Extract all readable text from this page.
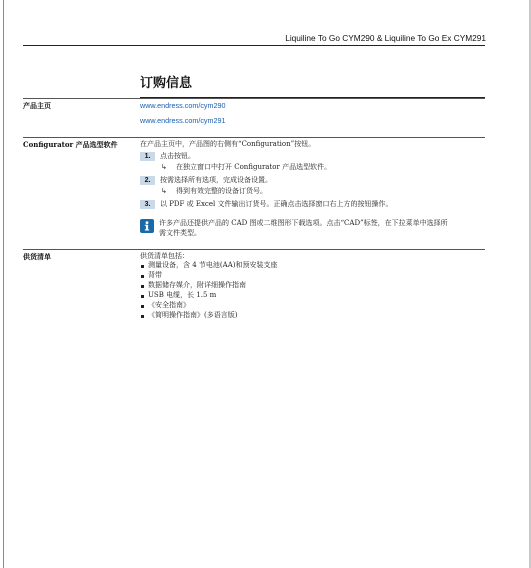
Liquiline To Go CYM290 & Liquiline To Go Ex CYM291
订购信息
产品主页	www.endress.com/cym290
www.endress.com/cym291
Configurator 产品选型软件	在产品主页中，产品图的右侧有“Configuration”按钮。
1.	点击按钮。
↳ 在独立窗口中打开 Configurator 产品选型软件。
2.	按需选择所有选项，完成设备设置。
↳ 得到有效完整的设备订货号。
3.	以 PDF 或 Excel 文件输出订货号。正确点击选择窗口右上方的按钮操作。
许多产品还提供产品的 CAD 图或二维图形下载选项。点击“CAD”标签，在下拉菜单中选择所
需文件类型。
供货清单	供货清单包括：
测量设备，含 4 节电池(AA)和预安装支座
背带
数据储存媒介，附详细操作指南
USB 电缆，长 1.5 m
《安全指南》
《简明操作指南》(多语言版)
